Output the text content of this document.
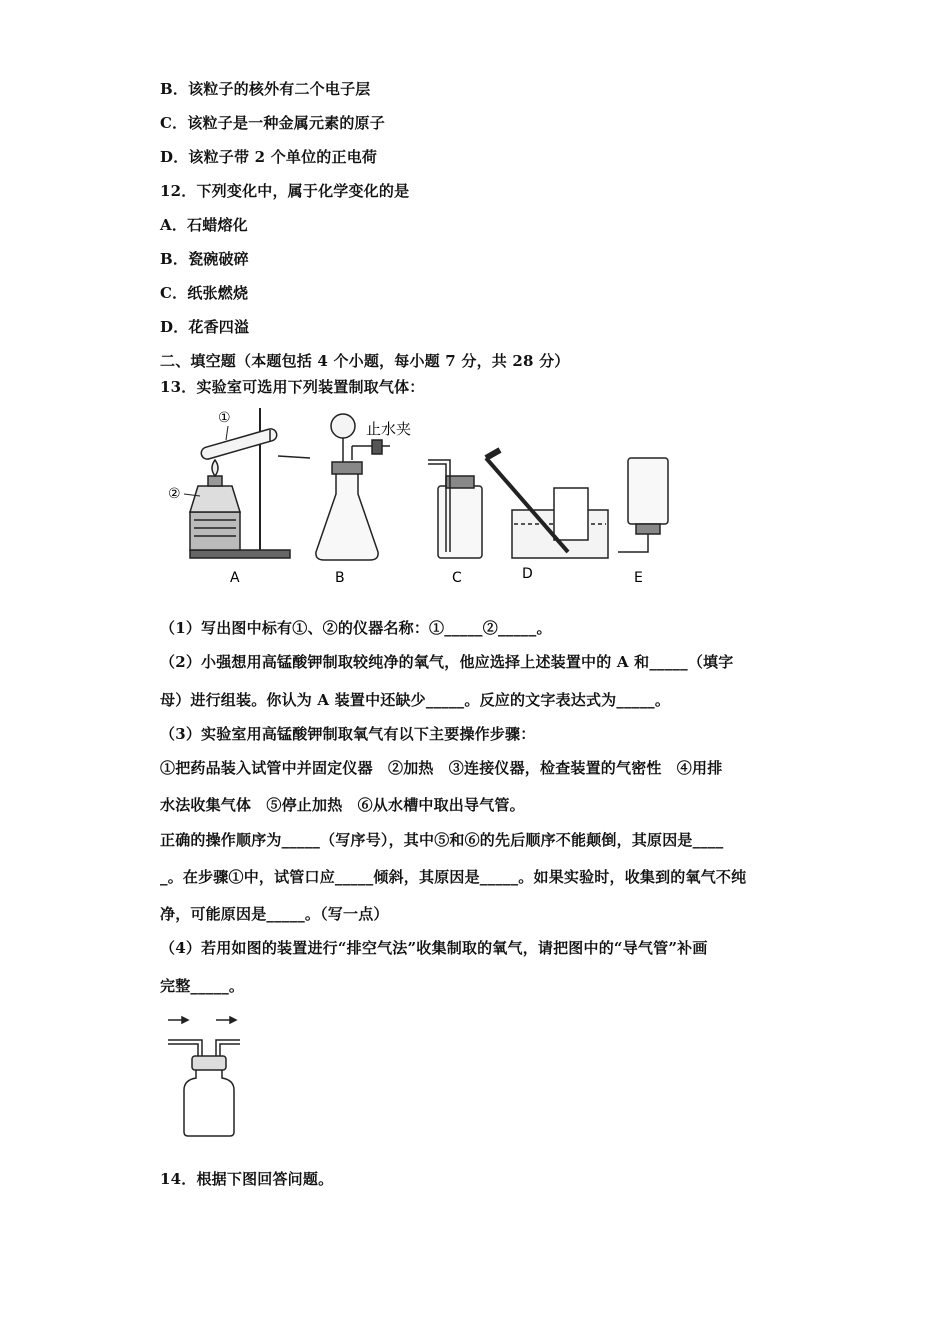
B．该粒子的核外有二个电子层
C．该粒子是一种金属元素的原子
D．该粒子带 2 个单位的正电荷
12．下列变化中，属于化学变化的是
A．石蜡熔化
B．瓷碗破碎
C．纸张燃烧
D．花香四溢
二、填空题（本题包括 4 个小题，每小题 7 分，共 28 分）
13．实验室可选用下列装置制取气体：
①
②
止水夹
A	B	C	D	E
（1）写出图中标有①、②的仪器名称：①_____②_____。
（2）小强想用高锰酸钾制取较纯净的氧气，他应选择上述装置中的 A 和_____（填字
母）进行组装。你认为 A 装置中还缺少_____。反应的文字表达式为_____。
（3）实验室用高锰酸钾制取氧气有以下主要操作步骤：
①把药品装入试管中并固定仪器　②加热　③连接仪器，检查装置的气密性　④用排
水法收集气体　⑤停止加热　⑥从水槽中取出导气管。
正确的操作顺序为_____（写序号），其中⑤和⑥的先后顺序不能颠倒，其原因是____
_。在步骤①中，试管口应_____倾斜，其原因是_____。如果实验时，收集到的氧气不纯
净，可能原因是_____。（写一点）
（4）若用如图的装置进行“排空气法”收集制取的氧气，请把图中的“导气管”补画
完整_____。
14．根据下图回答问题。
